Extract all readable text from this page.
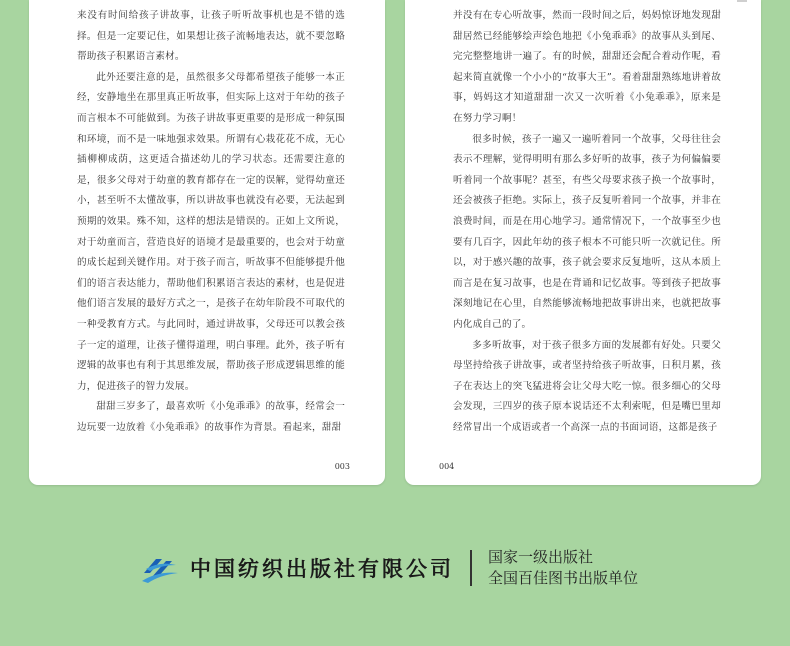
来没有时间给孩子讲故事，让孩子听听故事机也是不错的选择。但是一定要记住，如果想让孩子流畅地表达，就不要忽略帮助孩子积累语言素材。

此外还要注意的是，虽然很多父母都希望孩子能够一本正经，安静地坐在那里真正听故事，但实际上这对于年幼的孩子而言根本不可能做到。为孩子讲故事更重要的是形成一种氛围和环境，而不是一味地强求效果。所谓有心栽花花不成，无心插柳柳成荫，这更适合描述幼儿的学习状态。还需要注意的是，很多父母对于幼童的教育都存在一定的误解，觉得幼童还小，甚至听不太懂故事，所以讲故事也就没有必要，无法起到预期的效果。殊不知，这样的想法是错误的。正如上文所说，对于幼童而言，营造良好的语境才是最重要的，也会对于幼童的成长起到关键作用。对于孩子而言，听故事不但能够提升他们的语言表达能力，帮助他们积累语言表达的素材，也是促进他们语言发展的最好方式之一，是孩子在幼年阶段不可取代的一种受教育方式。与此同时，通过讲故事，父母还可以教会孩子一定的道理，让孩子懂得道理，明白事理。此外，孩子听有逻辑的故事也有利于其思维发展，帮助孩子形成逻辑思维的能力，促进孩子的智力发展。

甜甜三岁多了，最喜欢听《小兔乖乖》的故事，经常会一边玩要一边放着《小兔乖乖》的故事作为背景。看起来，甜甜

003

并没有在专心听故事，然而一段时间之后，妈妈惊讶地发现甜甜居然已经能够绘声绘色地把《小兔乖乖》的故事从头到尾、完完整整地讲一遍了。有的时候，甜甜还会配合着动作呢，看起来简直就像一个小小的“故事大王”。看着甜甜熟练地讲着故事，妈妈这才知道甜甜一次又一次听着《小兔乖乖》，原来是在努力学习啊！

很多时候，孩子一遍又一遍听着同一个故事，父母往往会表示不理解，觉得明明有那么多好听的故事，孩子为何偏偏要听着同一个故事呢？甚至，有些父母要求孩子换一个故事时，还会被孩子拒绝。实际上，孩子反复听着同一个故事，并非在浪费时间，而是在用心地学习。通常情况下，一个故事至少也要有几百字，因此年幼的孩子根本不可能只听一次就记住。所以，对于感兴趣的故事，孩子就会要求反复地听，这从本质上而言是在复习故事，也是在背诵和记忆故事。等到孩子把故事深刻地记在心里，自然能够流畅地把故事讲出来，也就把故事内化成自己的了。

多多听故事，对于孩子很多方面的发展都有好处。只要父母坚持给孩子讲故事，或者坚持给孩子听故事，日积月累，孩子在表达上的突飞猛进将会让父母大吃一惊。很多细心的父母会发现，三四岁的孩子原本说话还不太利索呢，但是嘴巴里却经常冒出一个成语或者一个高深一点的书面词语，这都是孩子

004
中国纺织出版社有限公司 国家一级出版社
全国百佳图书出版单位
